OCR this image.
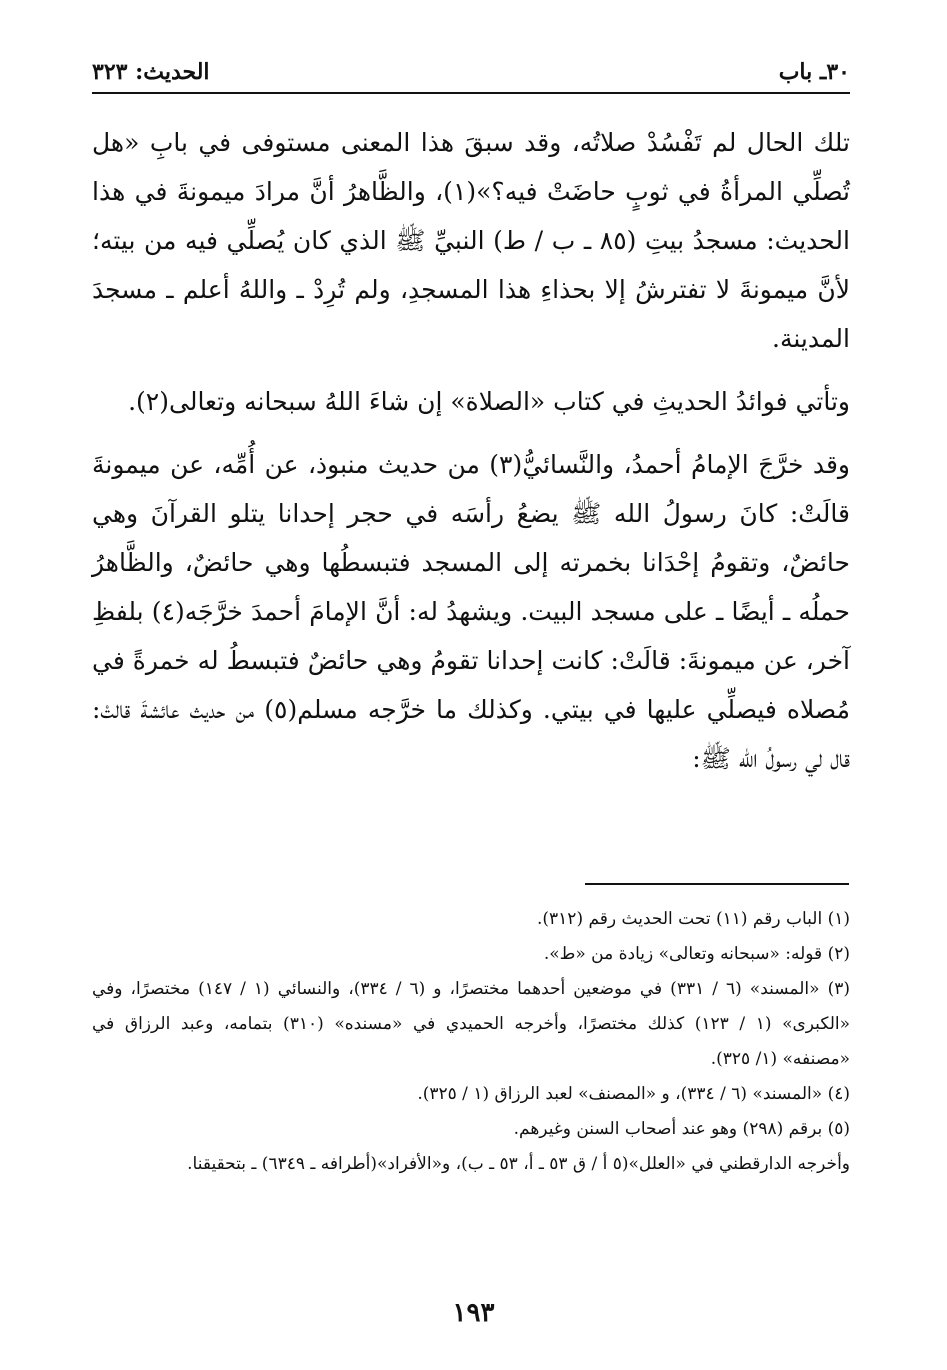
٣٠ـ باب
الحديث: ٣٢٣

تلك الحال لم تَفْسُدْ صلاتُه، وقد سبقَ هذا المعنى مستوفى في بابِ «هل تُصلِّي المرأةُ في ثوبٍ حاضَتْ فيه؟»(١)، والظَّاهرُ أنَّ مرادَ ميمونةَ في هذا الحديث: مسجدُ بيتِ (٨٥ ـ ب / ط) النبيِّ ﷺ الذي كان يُصلِّي فيه من بيته؛ لأنَّ ميمونةَ لا تفترشُ إلا بحذاءِ هذا المسجدِ، ولم تُرِدْ ـ واللهُ أعلم ـ مسجدَ المدينة.

وتأتي فوائدُ الحديثِ في كتاب «الصلاة» إن شاءَ اللهُ سبحانه وتعالى(٢).

وقد خرَّجَ الإمامُ أحمدُ، والنَّسائيُّ(٣) من حديث منبوذ، عن أُمِّه، عن ميمونةَ قالَتْ: كانَ رسولُ الله ﷺ يضعُ رأسَه في حجر إحدانا يتلو القرآنَ وهي حائضٌ، وتقومُ إحْدَانا بخمرته إلى المسجد فتبسطُها وهي حائضٌ، والظَّاهرُ حملُه ـ أيضًا ـ على مسجد البيت. ويشهدُ له: أنَّ الإمامَ أحمدَ خرَّجَه(٤) بلفظِ آخر، عن ميمونةَ: قالَتْ: كانت إحدانا تقومُ وهي حائضٌ فتبسطُ له خمرةً في مُصلاه فيصلِّي عليها في بيتي. وكذلك ما خرَّجه مسلم(٥) من حديث عائشةَ قالتْ: قال لي رسولُ الله ﷺ:

(١) الباب رقم (١١) تحت الحديث رقم (٣١٢).

(٢) قوله: «سبحانه وتعالى» زيادة من «ط».

(٣) «المسند» (٦ / ٣٣١) في موضعين أحدهما مختصرًا، و (٦ / ٣٣٤)، والنسائي (١ / ١٤٧) مختصرًا، وفي «الكبرى» (١ / ١٢٣) كذلك مختصرًا، وأخرجه الحميدي في «مسنده» (٣١٠) بتمامه، وعبد الرزاق في «مصنفه» (١/ ٣٢٥).

(٤) «المسند» (٦ / ٣٣٤)، و «المصنف» لعبد الرزاق (١ / ٣٢٥).

(٥) برقم (٢٩٨) وهو عند أصحاب السنن وغيرهم.

وأخرجه الدارقطني في «العلل»(٥ أ / ق ٥٣ ـ أ، ٥٣ ـ ب)، و«الأفراد»(أطرافه ـ ٦٣٤٩) ـ بتحقيقنا.

١٩٣
